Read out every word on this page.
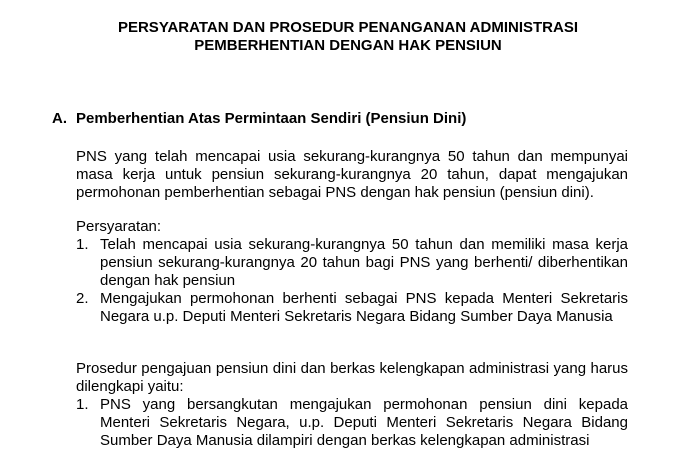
PERSYARATAN DAN PROSEDUR PENANGANAN ADMINISTRASI
PEMBERHENTIAN DENGAN HAK PENSIUN
A. Pemberhentian Atas Permintaan Sendiri (Pensiun Dini)
PNS yang telah mencapai usia sekurang-kurangnya 50 tahun dan mempunyai masa kerja untuk pensiun sekurang-kurangnya 20 tahun, dapat mengajukan permohonan pemberhentian sebagai PNS dengan hak pensiun (pensiun dini).
Persyaratan:
1. Telah mencapai usia sekurang-kurangnya 50 tahun dan memiliki masa kerja pensiun sekurang-kurangnya 20 tahun bagi PNS yang berhenti/ diberhentikan dengan hak pensiun
2. Mengajukan permohonan berhenti sebagai PNS kepada Menteri Sekretaris Negara u.p. Deputi Menteri Sekretaris Negara Bidang Sumber Daya Manusia
Prosedur pengajuan pensiun dini dan berkas kelengkapan administrasi yang harus dilengkapi yaitu:
1. PNS yang bersangkutan mengajukan permohonan pensiun dini kepada Menteri Sekretaris Negara, u.p. Deputi Menteri Sekretaris Negara Bidang Sumber Daya Manusia dilampiri dengan berkas kelengkapan administrasi
